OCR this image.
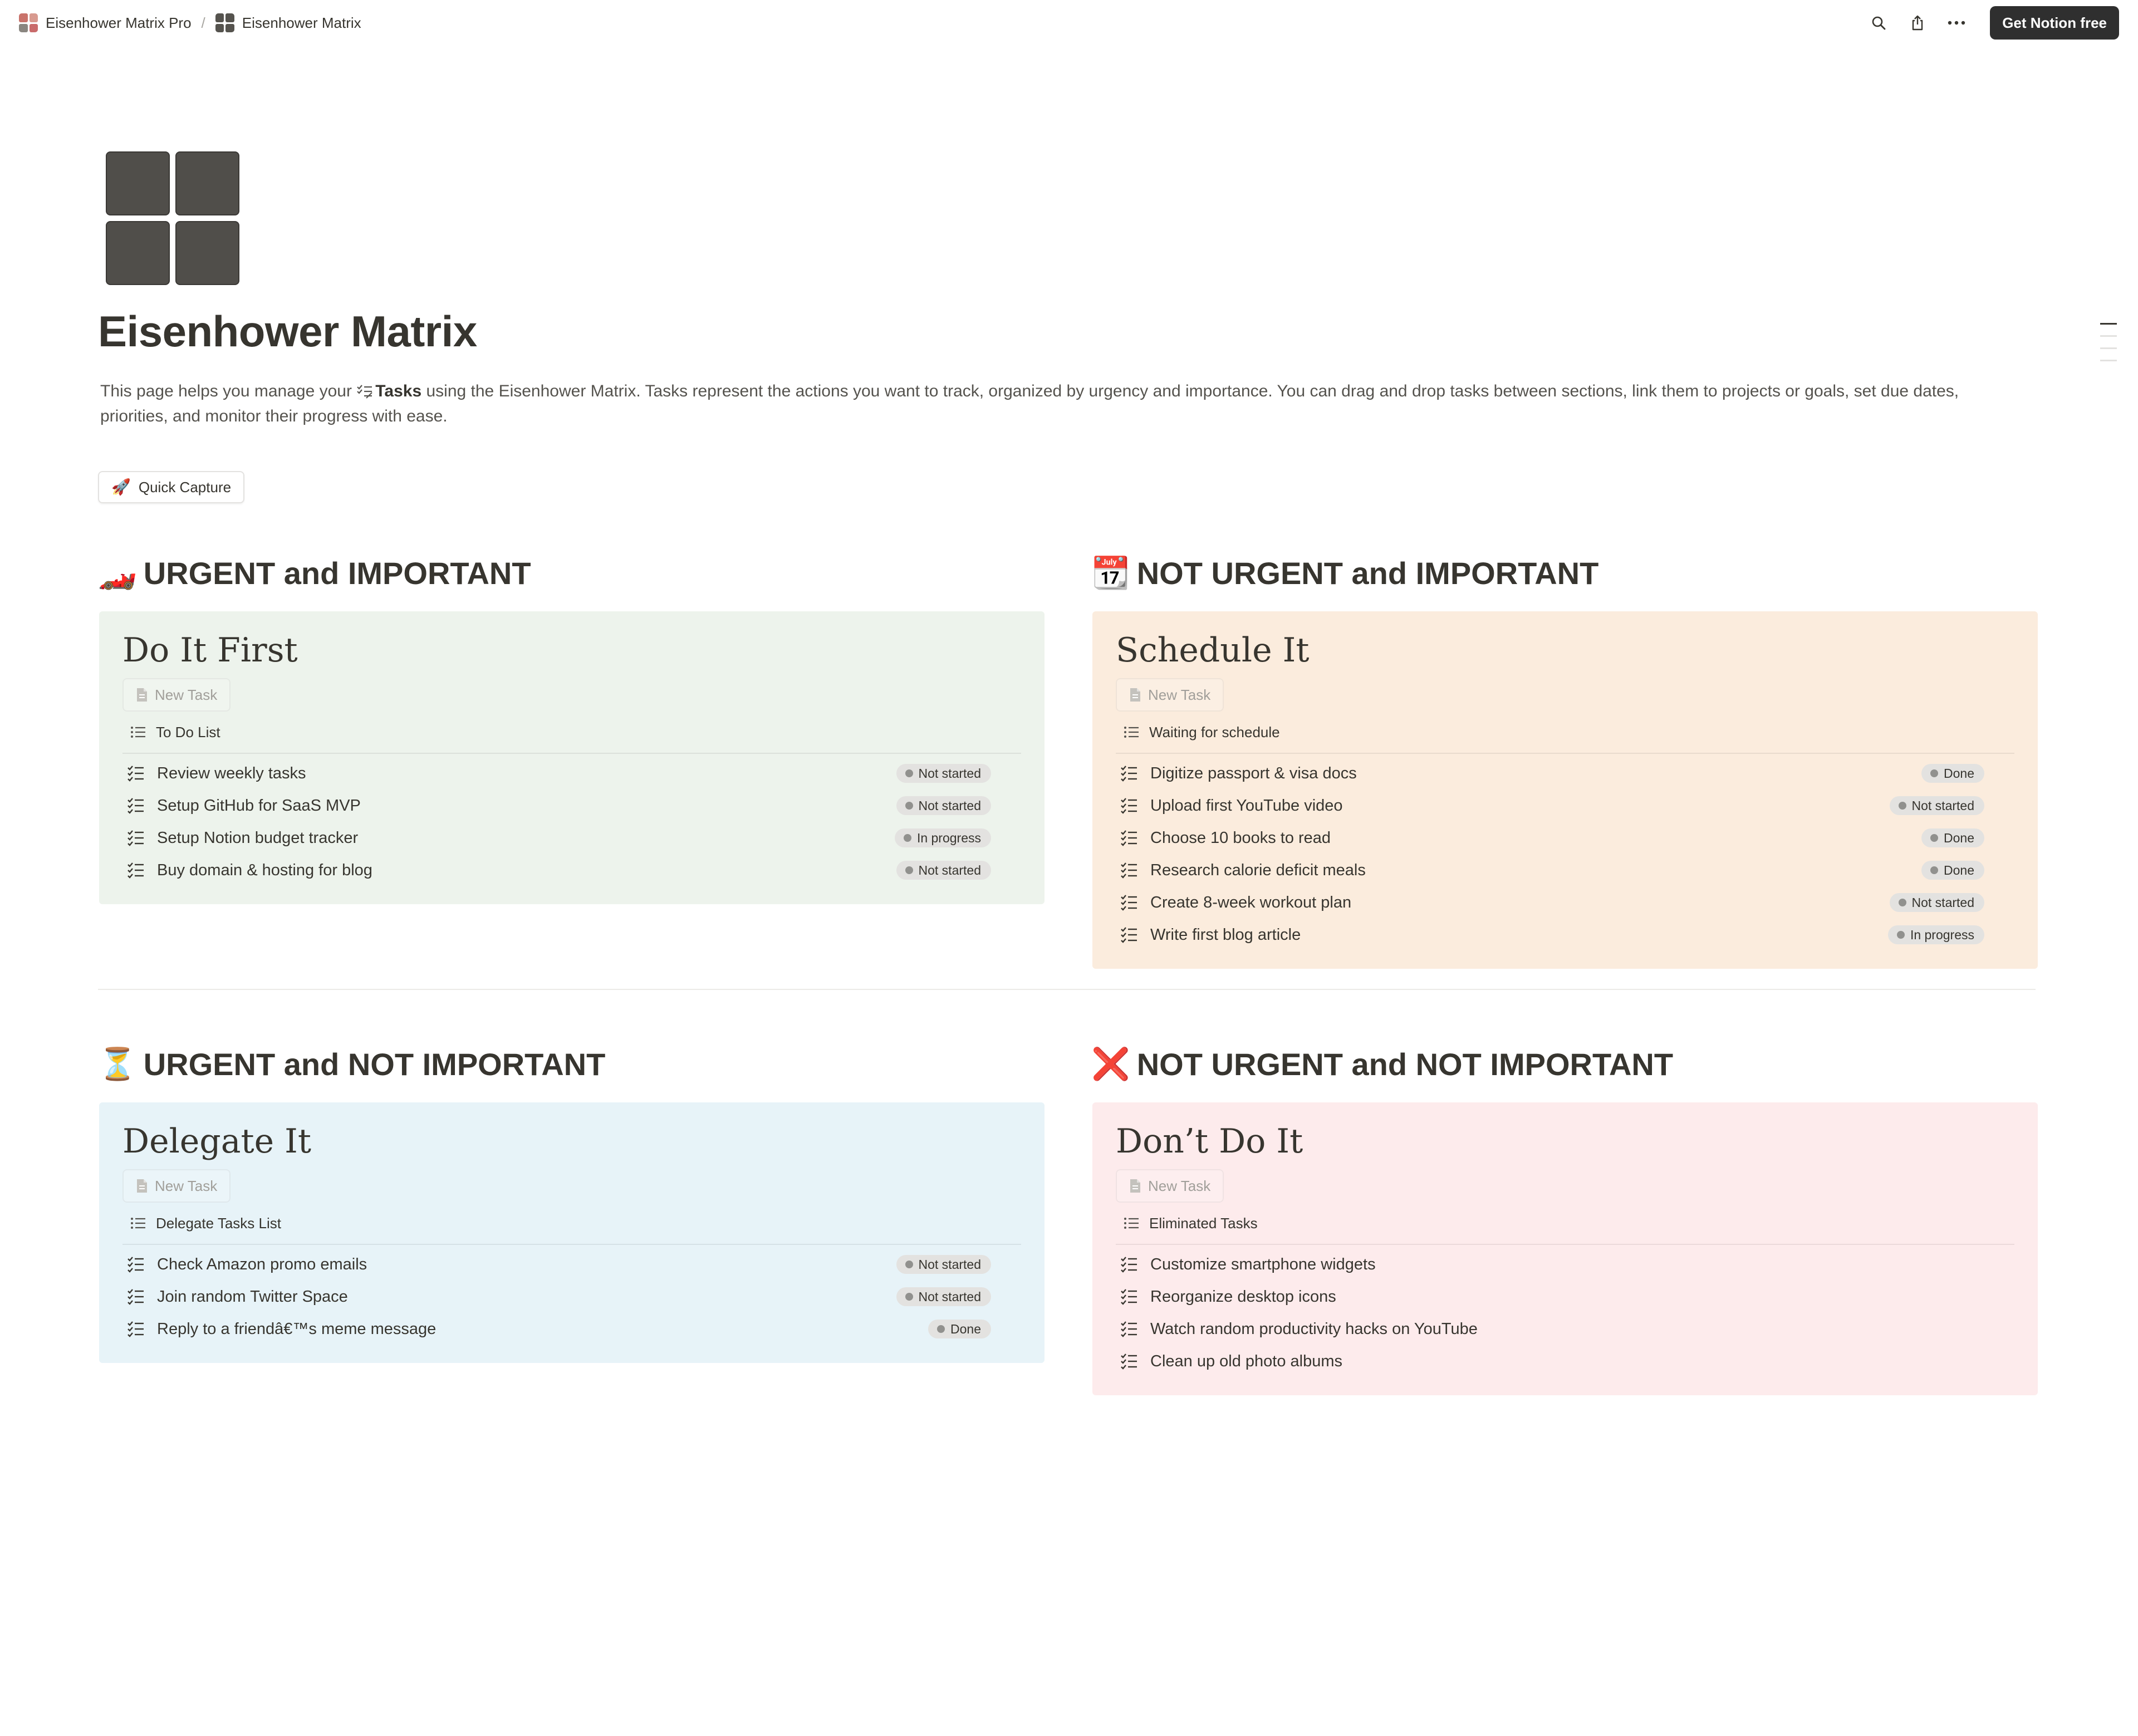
Eisenhower Matrix Pro /	Eisenhower Matrix	Get Notion free
Eisenhower Matrix
This page helps you manage your Tasks using the Eisenhower Matrix. Tasks represent the actions you want to track, organized by urgency and importance. You can drag and drop tasks between sections, link them to projects or goals, set due dates, priorities, and monitor their progress with ease.
🚀 Quick Capture
🏎️ URGENT and IMPORTANT	📆 NOT URGENT and IMPORTANT
⏳ URGENT and NOT IMPORTANT	❌ NOT URGENT and NOT IMPORTANT
Do It First
New Task
To Do List
Review weekly tasks	Not started
Setup GitHub for SaaS MVP	Not started
Setup Notion budget tracker	In progress
Buy domain & hosting for blog	Not started
Schedule It
New Task
Waiting for schedule
Digitize passport & visa docs	Done
Upload first YouTube video	Not started
Choose 10 books to read	Done
Research calorie deficit meals	Done
Create 8-week workout plan	Not started
Write first blog article	In progress
Delegate It
New Task
Delegate Tasks List
Check Amazon promo emails	Not started
Join random Twitter Space	Not started
Reply to a friendâ€™s meme message	Done
Don’t Do It
New Task
Eliminated Tasks
Customize smartphone widgets
Reorganize desktop icons
Watch random productivity hacks on YouTube
Clean up old photo albums
